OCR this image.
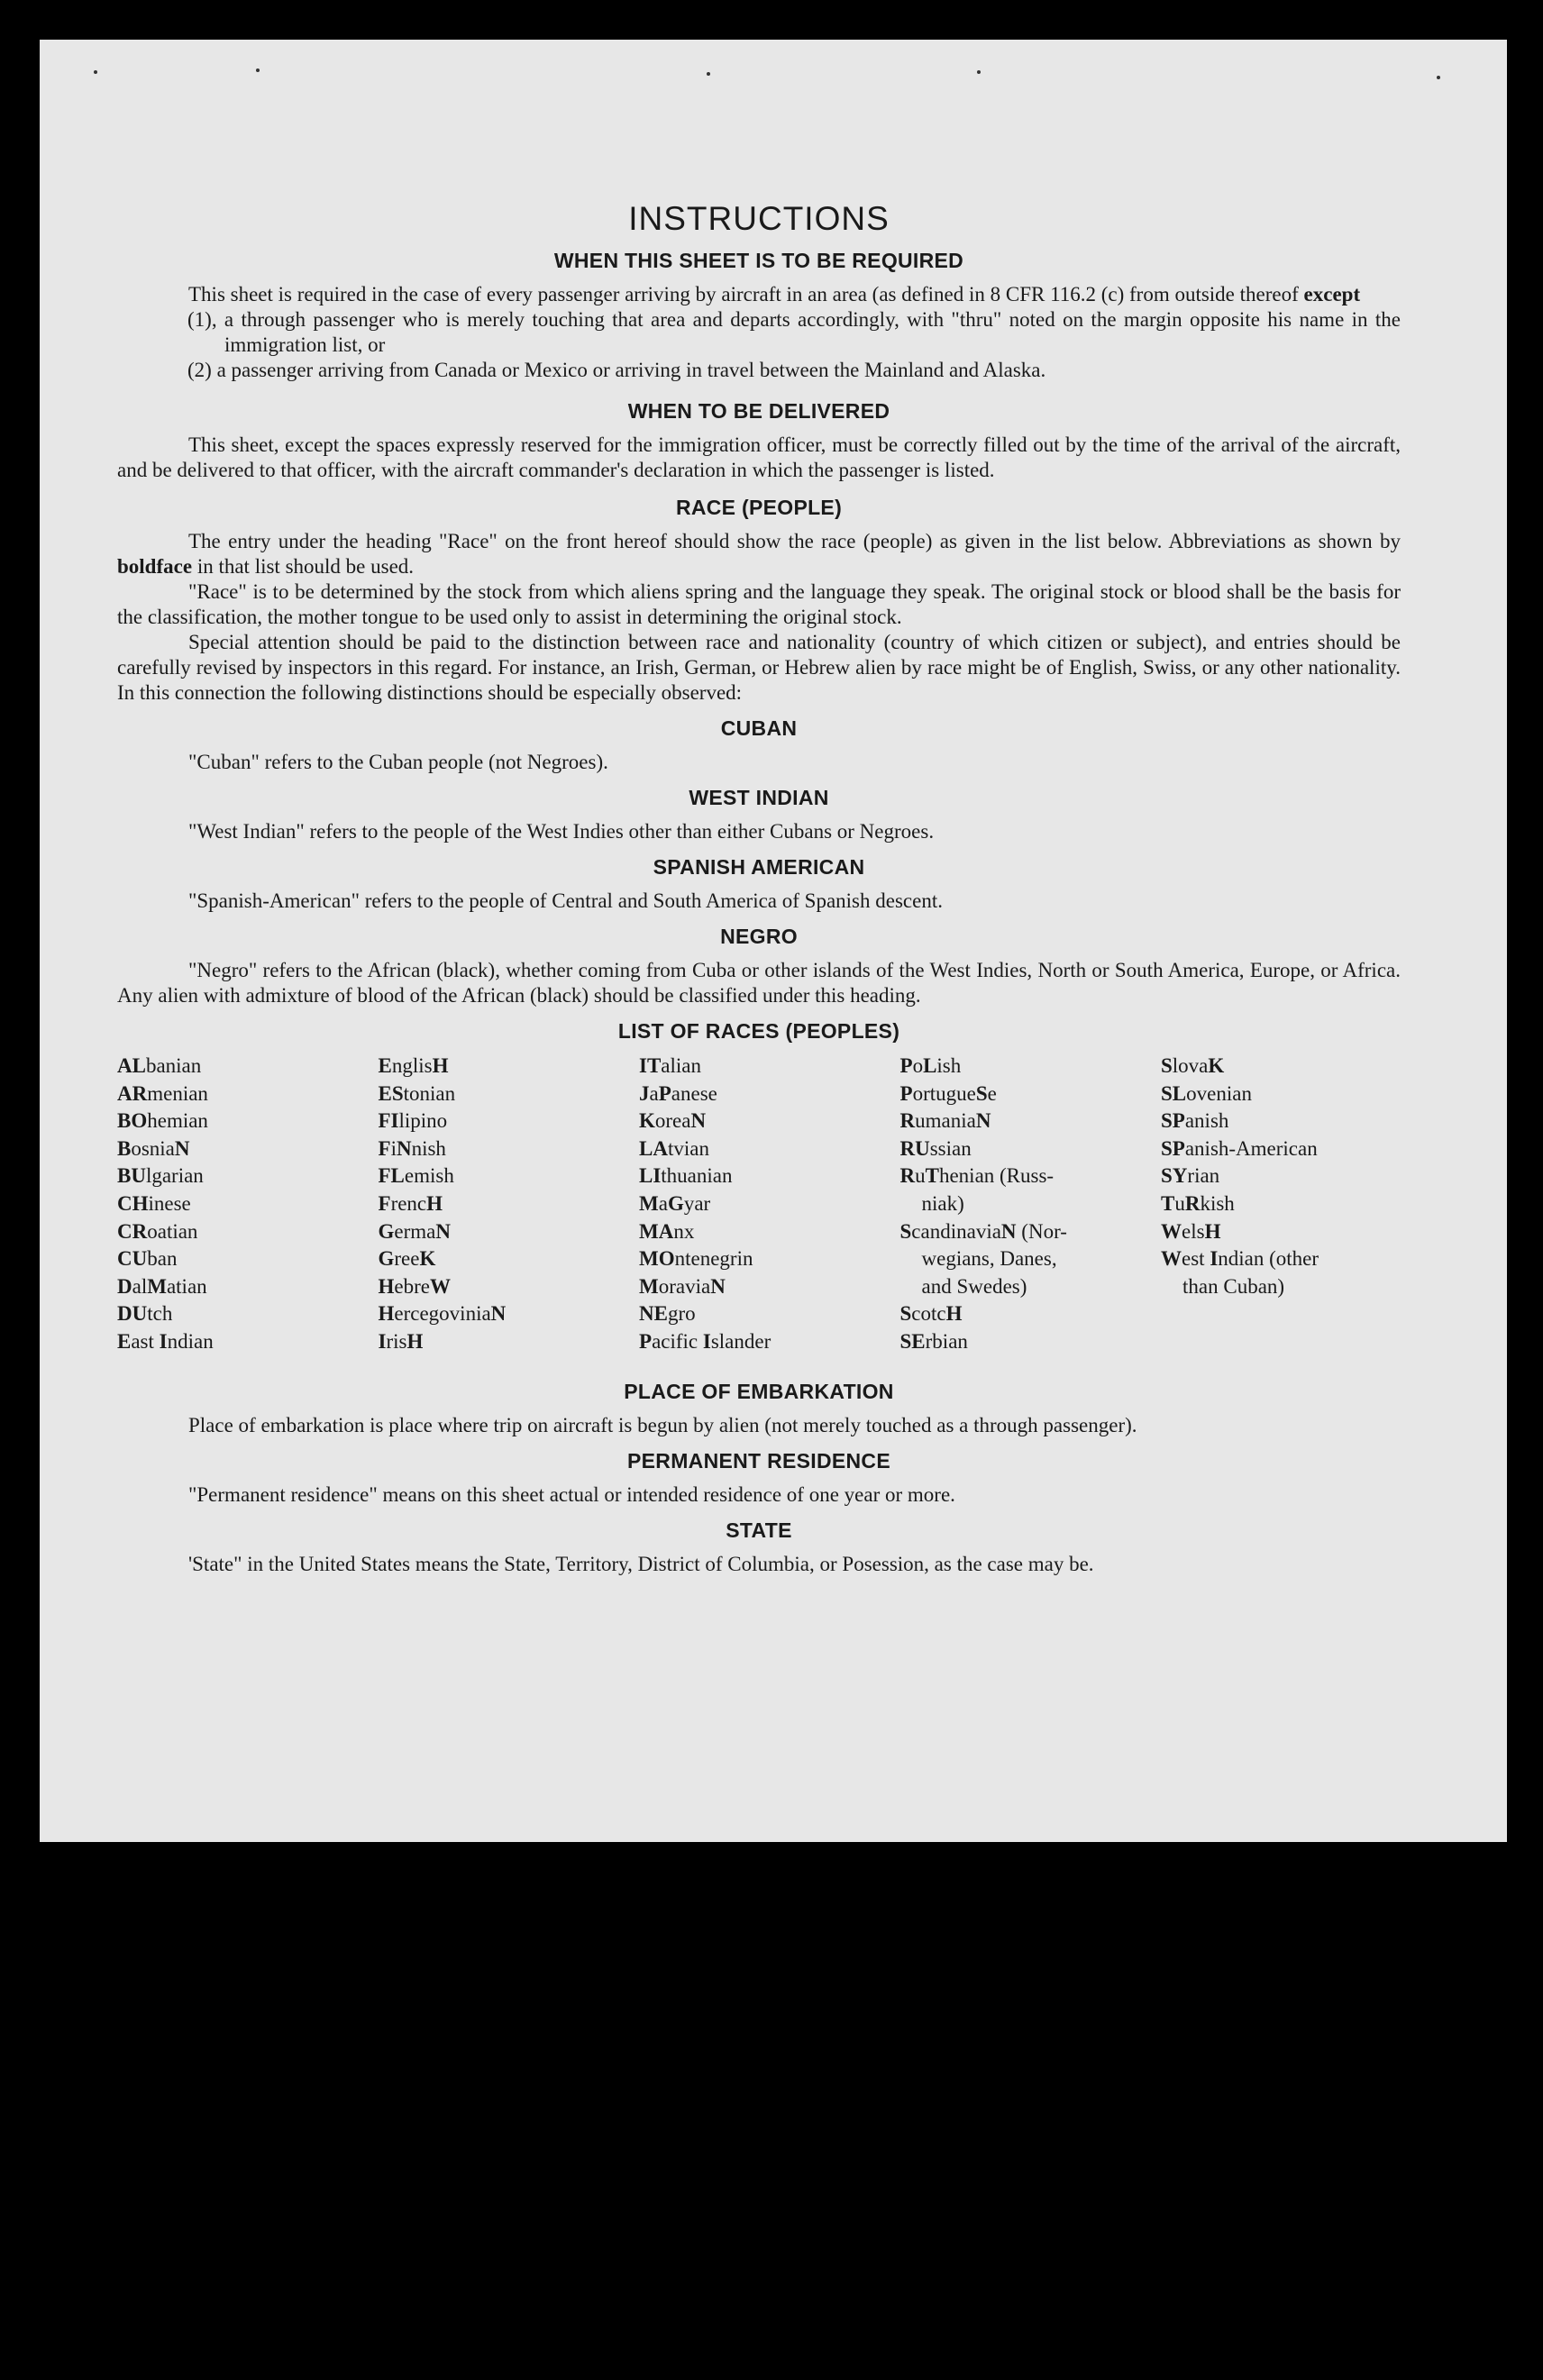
INSTRUCTIONS
WHEN THIS SHEET IS TO BE REQUIRED

This sheet is required in the case of every passenger arriving by aircraft in an area (as defined in 8 CFR 116.2 (c) from outside thereof except

(1), a through passenger who is merely touching that area and departs accordingly, with "thru" noted on the margin opposite his name in the immigration list, or
(2) a passenger arriving from Canada or Mexico or arriving in travel between the Mainland and Alaska.
WHEN TO BE DELIVERED

This sheet, except the spaces expressly reserved for the immigration officer, must be correctly filled out by the time of the arrival of the aircraft, and be delivered to that officer, with the aircraft commander's declaration in which the passenger is listed.

RACE (PEOPLE)

The entry under the heading "Race" on the front hereof should show the race (people) as given in the list below. Abbreviations as shown by boldface in that list should be used.

"Race" is to be determined by the stock from which aliens spring and the language they speak. The original stock or blood shall be the basis for the classification, the mother tongue to be used only to assist in determining the original stock.

Special attention should be paid to the distinction between race and nationality (country of which citizen or subject), and entries should be carefully revised by inspectors in this regard. For instance, an Irish, German, or Hebrew alien by race might be of English, Swiss, or any other nationality. In this connection the following distinctions should be especially observed:

CUBAN

"Cuban" refers to the Cuban people (not Negroes).

WEST INDIAN

"West Indian" refers to the people of the West Indies other than either Cubans or Negroes.

SPANISH AMERICAN

"Spanish-American" refers to the people of Central and South America of Spanish descent.

NEGRO

"Negro" refers to the African (black), whether coming from Cuba or other islands of the West Indies, North or South America, Europe, or Africa. Any alien with admixture of blood of the African (black) should be classified under this heading.

LIST OF RACES (PEOPLES)
ALbanian
ARmenian
BOhemian
BosniaN
BUlgarian
CHinese
CRoatian
CUban
DalMatian
DUtch
East Indian
EnglisH
EStonian
FIlipino
FiNnish
FLemish
FrencH
GermaN
GreeK
HebreW
HercegoviniaN
IrisH
ITalian
JaPanese
KoreaN
LAtvian
LIthuanian
MaGyar
MAnx
MOntenegrin
MoraviaN
NEgro
Pacific Islander
PoLish
PortugueSe
RumaniaN
RUssian
RuThenian (Russ-
niak)
ScandinaviaN (Nor-
wegians, Danes,
and Swedes)
ScotcH
SErbian
SlovaK
SLovenian
SPanish
SPanish-American
SYrian
TuRkish
WelsH
West Indian (other
than Cuban)
PLACE OF EMBARKATION

Place of embarkation is place where trip on aircraft is begun by alien (not merely touched as a through passenger).

PERMANENT RESIDENCE

"Permanent residence" means on this sheet actual or intended residence of one year or more.

STATE

'State" in the United States means the State, Territory, District of Columbia, or Posession, as the case may be.
